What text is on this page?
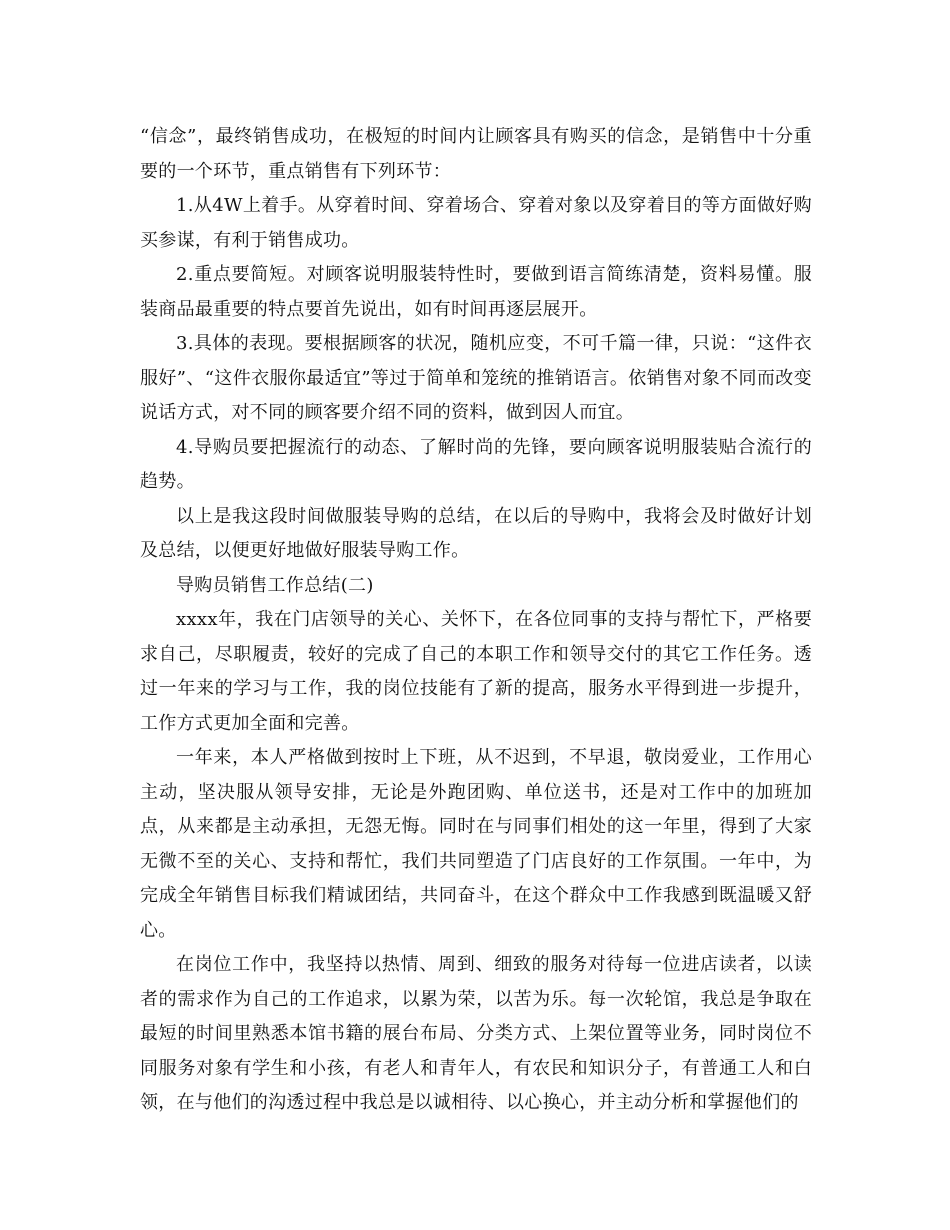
“信念”，最终销售成功，在极短的时间内让顾客具有购买的信念，是销售中十分重要的一个环节，重点销售有下列环节：

1.从4W上着手。从穿着时间、穿着场合、穿着对象以及穿着目的等方面做好购买参谋，有利于销售成功。

2.重点要简短。对顾客说明服装特性时，要做到语言简练清楚，资料易懂。服装商品最重要的特点要首先说出，如有时间再逐层展开。

3.具体的表现。要根据顾客的状况，随机应变，不可千篇一律，只说：“这件衣服好”、“这件衣服你最适宜”等过于简单和笼统的推销语言。依销售对象不同而改变说话方式，对不同的顾客要介绍不同的资料，做到因人而宜。

4.导购员要把握流行的动态、了解时尚的先锋，要向顾客说明服装贴合流行的趋势。

以上是我这段时间做服装导购的总结，在以后的导购中，我将会及时做好计划及总结，以便更好地做好服装导购工作。

导购员销售工作总结(二)

xxxx年，我在门店领导的关心、关怀下，在各位同事的支持与帮忙下，严格要求自己，尽职履责，较好的完成了自己的本职工作和领导交付的其它工作任务。透过一年来的学习与工作，我的岗位技能有了新的提高，服务水平得到进一步提升，工作方式更加全面和完善。

一年来，本人严格做到按时上下班，从不迟到，不早退，敬岗爱业，工作用心主动，坚决服从领导安排，无论是外跑团购、单位送书，还是对工作中的加班加点，从来都是主动承担，无怨无悔。同时在与同事们相处的这一年里，得到了大家无微不至的关心、支持和帮忙，我们共同塑造了门店良好的工作氛围。一年中，为完成全年销售目标我们精诚团结，共同奋斗，在这个群众中工作我感到既温暖又舒心。

在岗位工作中，我坚持以热情、周到、细致的服务对待每一位进店读者，以读者的需求作为自己的工作追求，以累为荣，以苦为乐。每一次轮馆，我总是争取在最短的时间里熟悉本馆书籍的展台布局、分类方式、上架位置等业务，同时岗位不同服务对象有学生和小孩，有老人和青年人，有农民和知识分子，有普通工人和白领，在与他们的沟透过程中我总是以诚相待、以心换心，并主动分析和掌握他们的
